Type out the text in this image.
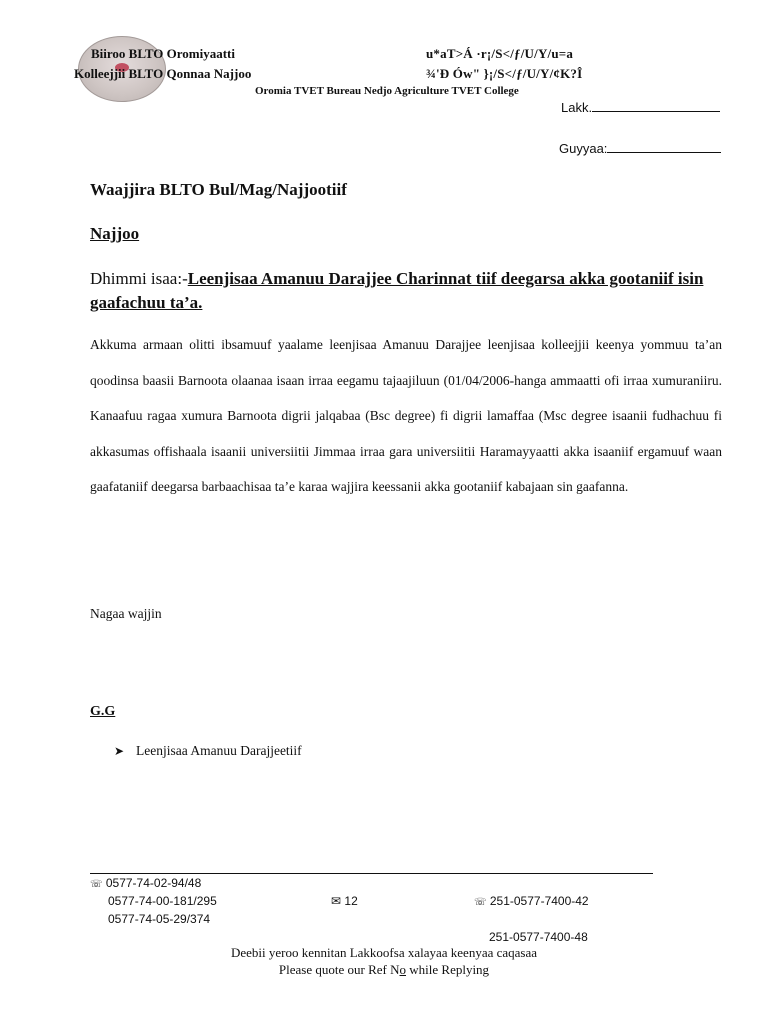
Biiroo BLTO Oromiyaatti
Kolleejjii BLTO Qonnaa Najjoo
u*aT>Á ·r¡/S</ƒ/U/Y/u=a
¾'Ð Ów" }¡/S</ƒ/U/Y/¢K?Î
Oromia TVET Bureau Nedjo Agriculture TVET College
Lakk.
Guyyaa:
Waajjira BLTO Bul/Mag/Najjootiif
Najjoo
Dhimmi isaa:-Leenjisaa Amanuu Darajjee Charinnat tiif deegarsa akka gootaniif isin gaafachuu ta’a.
Akkuma armaan olitti ibsamuuf yaalame leenjisaa Amanuu Darajjee leenjisaa kolleejjii keenya yommuu ta’an qoodinsa baasii Barnoota olaanaa isaan irraa eegamu tajaajiluun (01/04/2006-hanga ammaatti ofi irraa xumuraniiru. Kanaafuu ragaa xumura Barnoota digrii jalqabaa (Bsc degree) fi digrii lamaffaa (Msc degree isaanii fudhachuu fi akkasumas offishaala isaanii universiitii Jimmaa irraa gara universiitii Haramayyaatti akka isaaniif ergamuuf waan gaafataniif deegarsa barbaachisaa ta’e karaa wajjira keessanii akka gootaniif kabajaan sin gaafanna.
Nagaa wajjin
G.G
➤ Leenjisaa Amanuu Darajjeetiif
☏ 0577-74-02-94/48
0577-74-00-181/295
0577-74-05-29/374
✉ 12	☏ 251-0577-7400-42
251-0577-7400-48
Deebii yeroo kennitan Lakkoofsa xalayaa keenyaa caqasaa
Please quote our Ref No while Replying
